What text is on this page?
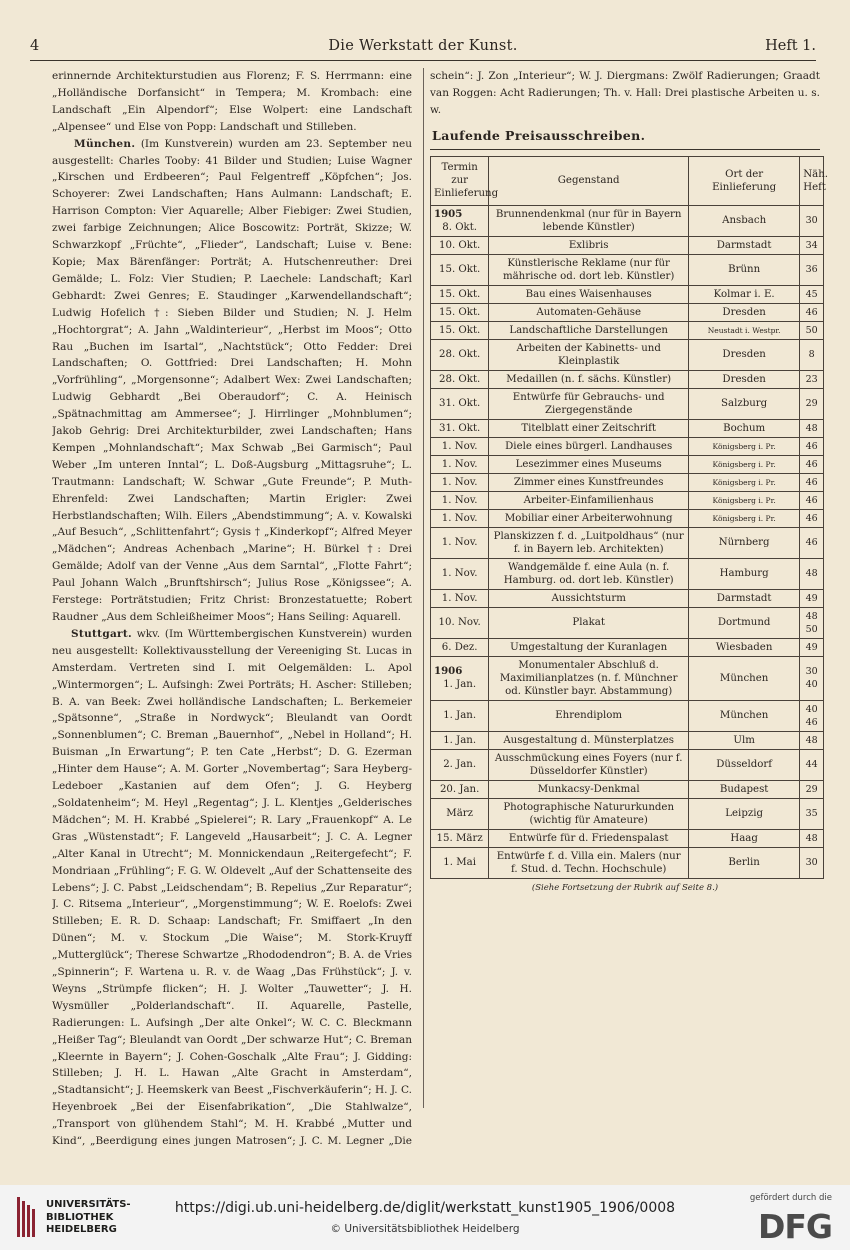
4	Die Werkstatt der Kunst.	Heft 1.

erinnernde Architekturstudien aus Florenz; F. S. Herrmann: eine „Holländische Dorfansicht“ in Tempera; M. Krombach: eine Landschaft „Ein Alpendorf“; Else Wolpert: eine Landschaft „Alpensee“ und Else von Popp: Landschaft und Stilleben.

München. (Im Kunstverein) wurden am 23. September neu ausgestellt: Charles Tooby: 41 Bilder und Studien; Luise Wagner „Kirschen und Erdbeeren“; Paul Felgentreff „Köpfchen“; Jos. Schoyerer: Zwei Landschaften; Hans Aulmann: Landschaft; E. Harrison Compton: Vier Aquarelle; Alber Fiebiger: Zwei Studien, zwei farbige Zeichnungen; Alice Boscowitz: Porträt, Skizze; W. Schwarzkopf „Früchte“, „Flieder“, Landschaft; Luise v. Bene: Kopie; Max Bärenfänger: Porträt; A. Hutschenreuther: Drei Gemälde; L. Folz: Vier Studien; P. Laechele: Landschaft; Karl Gebhardt: Zwei Genres; E. Staudinger „Karwendellandschaft“; Ludwig Hofelich †: Sieben Bilder und Studien; N. J. Helm „Hochtorgrat“; A. Jahn „Waldinterieur“, „Herbst im Moos“; Otto Rau „Buchen im Isartal“, „Nachtstück“; Otto Fedder: Drei Landschaften; O. Gottfried: Drei Landschaften; H. Mohn „Vorfrühling“, „Morgensonne“; Adalbert Wex: Zwei Landschaften; Ludwig Gebhardt „Bei Oberaudorf“; C. A. Heinisch „Spätnachmittag am Ammersee“; J. Hirrlinger „Mohnblumen“; Jakob Gehrig: Drei Architekturbilder, zwei Landschaften; Hans Kempen „Mohnlandschaft“; Max Schwab „Bei Garmisch“; Paul Weber „Im unteren Inntal“; L. Doß-Augsburg „Mittagsruhe“; L. Trautmann: Landschaft; W. Schwar „Gute Freunde“; P. Muth-Ehrenfeld: Zwei Landschaften; Martin Erigler: Zwei Herbstlandschaften; Wilh. Eilers „Abendstimmung“; A. v. Kowalski „Auf Besuch“, „Schlittenfahrt“; Gysis † „Kinderkopf“; Alfred Meyer „Mädchen“; Andreas Achenbach „Marine“; H. Bürkel †: Drei Gemälde; Adolf van der Venne „Aus dem Sarntal“, „Flotte Fahrt“; Paul Johann Walch „Brunftshirsch“; Julius Rose „Königssee“; A. Ferstege: Porträtstudien; Fritz Christ: Bronzestatuette; Robert Raudner „Aus dem Schleißheimer Moos“; Hans Seiling: Aquarell.

Stuttgart. wkv. (Im Württembergischen Kunstverein) wurden neu ausgestellt: Kollektivausstellung der Vereeniging St. Lucas in Amsterdam. Vertreten sind I. mit Oelgemälden: L. Apol „Wintermorgen“; L. Aufsingh: Zwei Porträts; H. Ascher: Stilleben; B. A. van Beek: Zwei holländische Landschaften; L. Berkemeier „Spätsonne“, „Straße in Nordwyck“; Bleulandt van Oordt „Sonnenblumen“; C. Breman „Bauernhof“, „Nebel in Holland“; H. Buisman „In Erwartung“; P. ten Cate „Herbst“; D. G. Ezerman „Hinter dem Hause“; A. M. Gorter „Novembertag“; Sara Heyberg-Ledeboer „Kastanien auf dem Ofen“; J. G. Heyberg „Soldatenheim“; M. Heyl „Regentag“; J. L. Klentjes „Gelderisches Mädchen“; M. H. Krabbé „Spielerei“; R. Lary „Frauenkopf“ A. Le Gras „Wüstenstadt“; F. Langeveld „Hausarbeit“; J. C. A. Legner „Alter Kanal in Utrecht“; M. Monnickendaun „Reitergefecht“; F. Mondriaan „Frühling“; F. G. W. Oldevelt „Auf der Schattenseite des Lebens“; J. C. Pabst „Leidschendam“; B. Repelius „Zur Reparatur“; J. C. Ritsema „Interieur“, „Morgenstimmung“; W. E. Roelofs: Zwei Stilleben; E. R. D. Schaap: Landschaft; Fr. Smiffaert „In den Dünen“; M. v. Stockum „Die Waise“; M. Stork-Kruyff „Mutterglück“; Therese Schwartze „Rhododendron“; B. A. de Vries „Spinnerin“; F. Wartena u. R. v. de Waag „Das Frühstück“; J. v. Weyns „Strümpfe flicken“; H. J. Wolter „Tauwetter“; J. H. Wysmüller „Polderlandschaft“. II. Aquarelle, Pastelle, Radierungen: L. Aufsingh „Der alte Onkel“; W. C. C. Bleckmann „Heißer Tag“; Bleulandt van Oordt „Der schwarze Hut“; C. Breman „Kleernte in Bayern“; J. Cohen-Goschalk „Alte Frau“; J. Gidding: Stilleben; J. H. L. Hawan „Alte Gracht in Amsterdam“, „Stadtansicht“; J. Heemskerk van Beest „Fischverkäuferin“; H. J. C. Heyenbroek „Bei der Eisenfabrikation“, „Die Stahlwalze“, „Transport von glühendem Stahl“; M. H. Krabbé „Mutter und Kind“, „Beerdigung eines jungen Matrosen“; J. C. M. Legner „Die

schein“: J. Zon „Interieur“; W. J. Diergmans: Zwölf Radierungen; Graadt van Roggen: Acht Radierungen; Th. v. Hall: Drei plastische Arbeiten u. s. w.

Laufende Preisausschreiben.
Termin zur Einlieferung	Gegenstand	Ort der Einlieferung	Näh. Heft

1905
8. Okt.	Brunnendenkmal (nur für in Bayern lebende Künstler)	Ansbach	30
10. Okt.	Exlibris	Darmstadt	34
15. Okt.	Künstlerische Reklame (nur für mährische od. dort leb. Künstler)	Brünn	36
15. Okt.	Bau eines Waisenhauses	Kolmar i. E.	45
15. Okt.	Automaten-Gehäuse	Dresden	46
15. Okt.	Landschaftliche Darstellungen	Neustadt i. Westpr.	50
28. Okt.	Arbeiten der Kabinetts- und Kleinplastik	Dresden	8
28. Okt.	Medaillen (n. f. sächs. Künstler)	Dresden	23
31. Okt.	Entwürfe für Gebrauchs- und Ziergegenstände	Salzburg	29
31. Okt.	Titelblatt einer Zeitschrift	Bochum	48
1. Nov.	Diele eines bürgerl. Landhauses	Königsberg i. Pr.	46
1. Nov.	Lesezimmer eines Museums	Königsberg i. Pr.	46
1. Nov.	Zimmer eines Kunstfreundes	Königsberg i. Pr.	46
1. Nov.	Arbeiter-Einfamilienhaus	Königsberg i. Pr.	46
1. Nov.	Mobiliar einer Arbeiterwohnung	Königsberg i. Pr.	46
1. Nov.	Planskizzen f. d. „Luitpoldhaus“ (nur f. in Bayern leb. Architekten)	Nürnberg	46
1. Nov.	Wandgemälde f. eine Aula (n. f. Hamburg. od. dort leb. Künstler)	Hamburg	48
1. Nov.	Aussichtsturm	Darmstadt	49
10. Nov.	Plakat	Dortmund	48 50
6. Dez.	Umgestaltung der Kuranlagen	Wiesbaden	49

1906
1. Jan.	Monumentaler Abschluß d. Maximilianplatzes (n. f. Münchner od. Künstler bayr. Abstammung)	München	30 40
1. Jan.	Ehrendiplom	München	40 46
1. Jan.	Ausgestaltung d. Münsterplatzes	Ulm	48
2. Jan.	Ausschmückung eines Foyers (nur f. Düsseldorfer Künstler)	Düsseldorf	44
20. Jan.	Munkacsy-Denkmal	Budapest	29
März	Photographische Natururkunden (wichtig für Amateure)	Leipzig	35
15. März	Entwürfe für d. Friedenspalast	Haag	48
1. Mai	Entwürfe f. d. Villa ein. Malers (nur f. Stud. d. Techn. Hochschule)	Berlin	30
(Siehe Fortsetzung der Rubrik auf Seite 8.)
UNIVERSITÄTS-
BIBLIOTHEK
HEIDELBERG
https://digi.ub.uni-heidelberg.de/diglit/werkstatt_kunst1905_1906/0008
© Universitätsbibliothek Heidelberg
gefördert durch die
DFG
